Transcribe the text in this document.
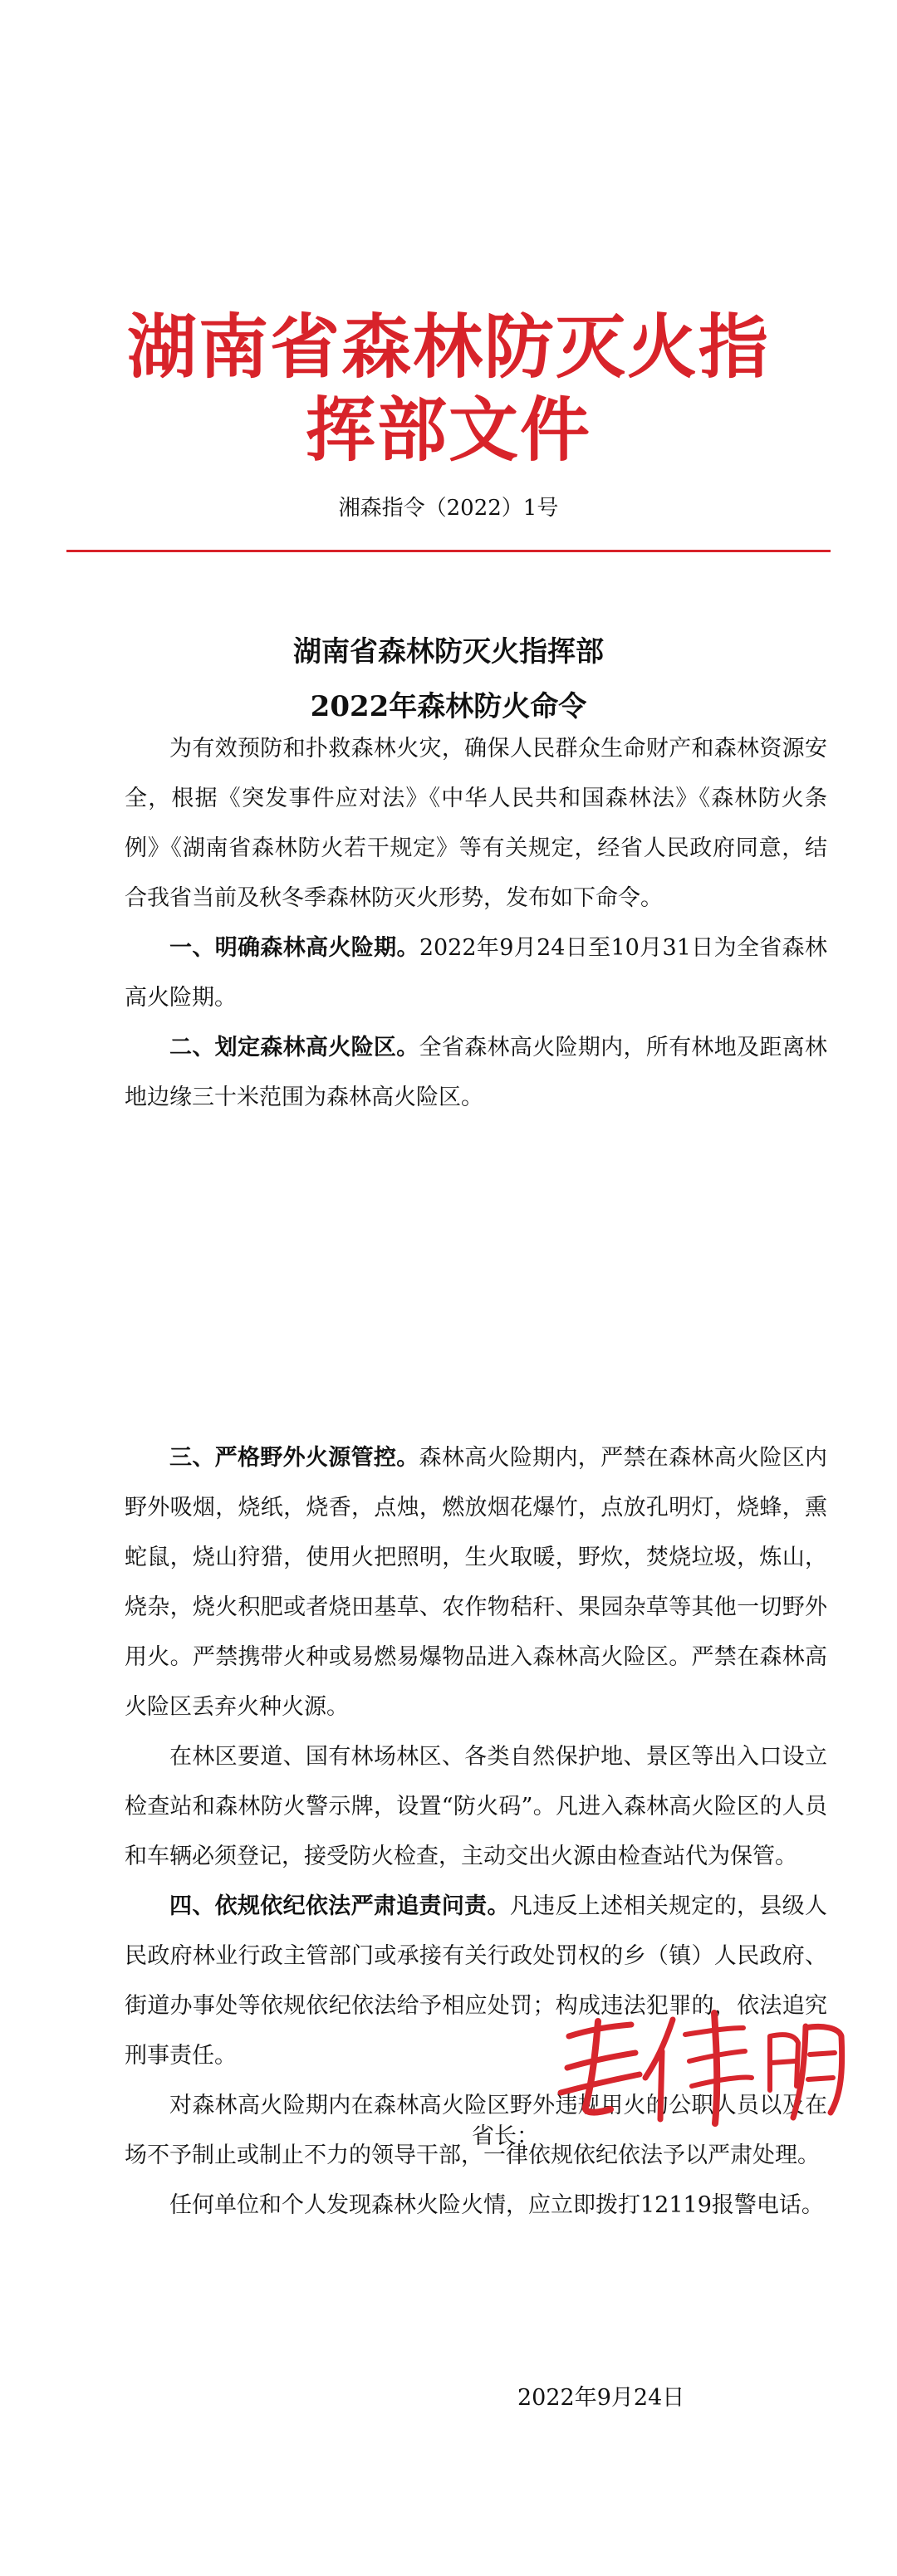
湖南省森林防灭火指挥部文件
湘森指令（2022）1号
湖南省森林防灭火指挥部
2022年森林防火命令

为有效预防和扑救森林火灾，确保人民群众生命财产和森林资源安全，根据《突发事件应对法》《中华人民共和国森林法》《森林防火条例》《湖南省森林防火若干规定》等有关规定，经省人民政府同意，结合我省当前及秋冬季森林防灭火形势，发布如下命令。

一、明确森林高火险期。2022年9月24日至10月31日为全省森林高火险期。

二、划定森林高火险区。全省森林高火险期内，所有林地及距离林地边缘三十米范围为森林高火险区。

三、严格野外火源管控。森林高火险期内，严禁在森林高火险区内野外吸烟，烧纸，烧香，点烛，燃放烟花爆竹，点放孔明灯，烧蜂，熏蛇鼠，烧山狩猎，使用火把照明，生火取暖，野炊，焚烧垃圾，炼山，烧杂，烧火积肥或者烧田基草、农作物秸秆、果园杂草等其他一切野外用火。严禁携带火种或易燃易爆物品进入森林高火险区。严禁在森林高火险区丢弃火种火源。

在林区要道、国有林场林区、各类自然保护地、景区等出入口设立检查站和森林防火警示牌，设置“防火码”。凡进入森林高火险区的人员和车辆必须登记，接受防火检查，主动交出火源由检查站代为保管。

四、依规依纪依法严肃追责问责。凡违反上述相关规定的，县级人民政府林业行政主管部门或承接有关行政处罚权的乡（镇）人民政府、街道办事处等依规依纪依法给予相应处罚；构成违法犯罪的，依法追究刑事责任。

对森林高火险期内在森林高火险区野外违规用火的公职人员以及在场不予制止或制止不力的领导干部，一律依规依纪依法予以严肃处理。

任何单位和个人发现森林火险火情，应立即拨打12119报警电话。

省长：
2022年9月24日
